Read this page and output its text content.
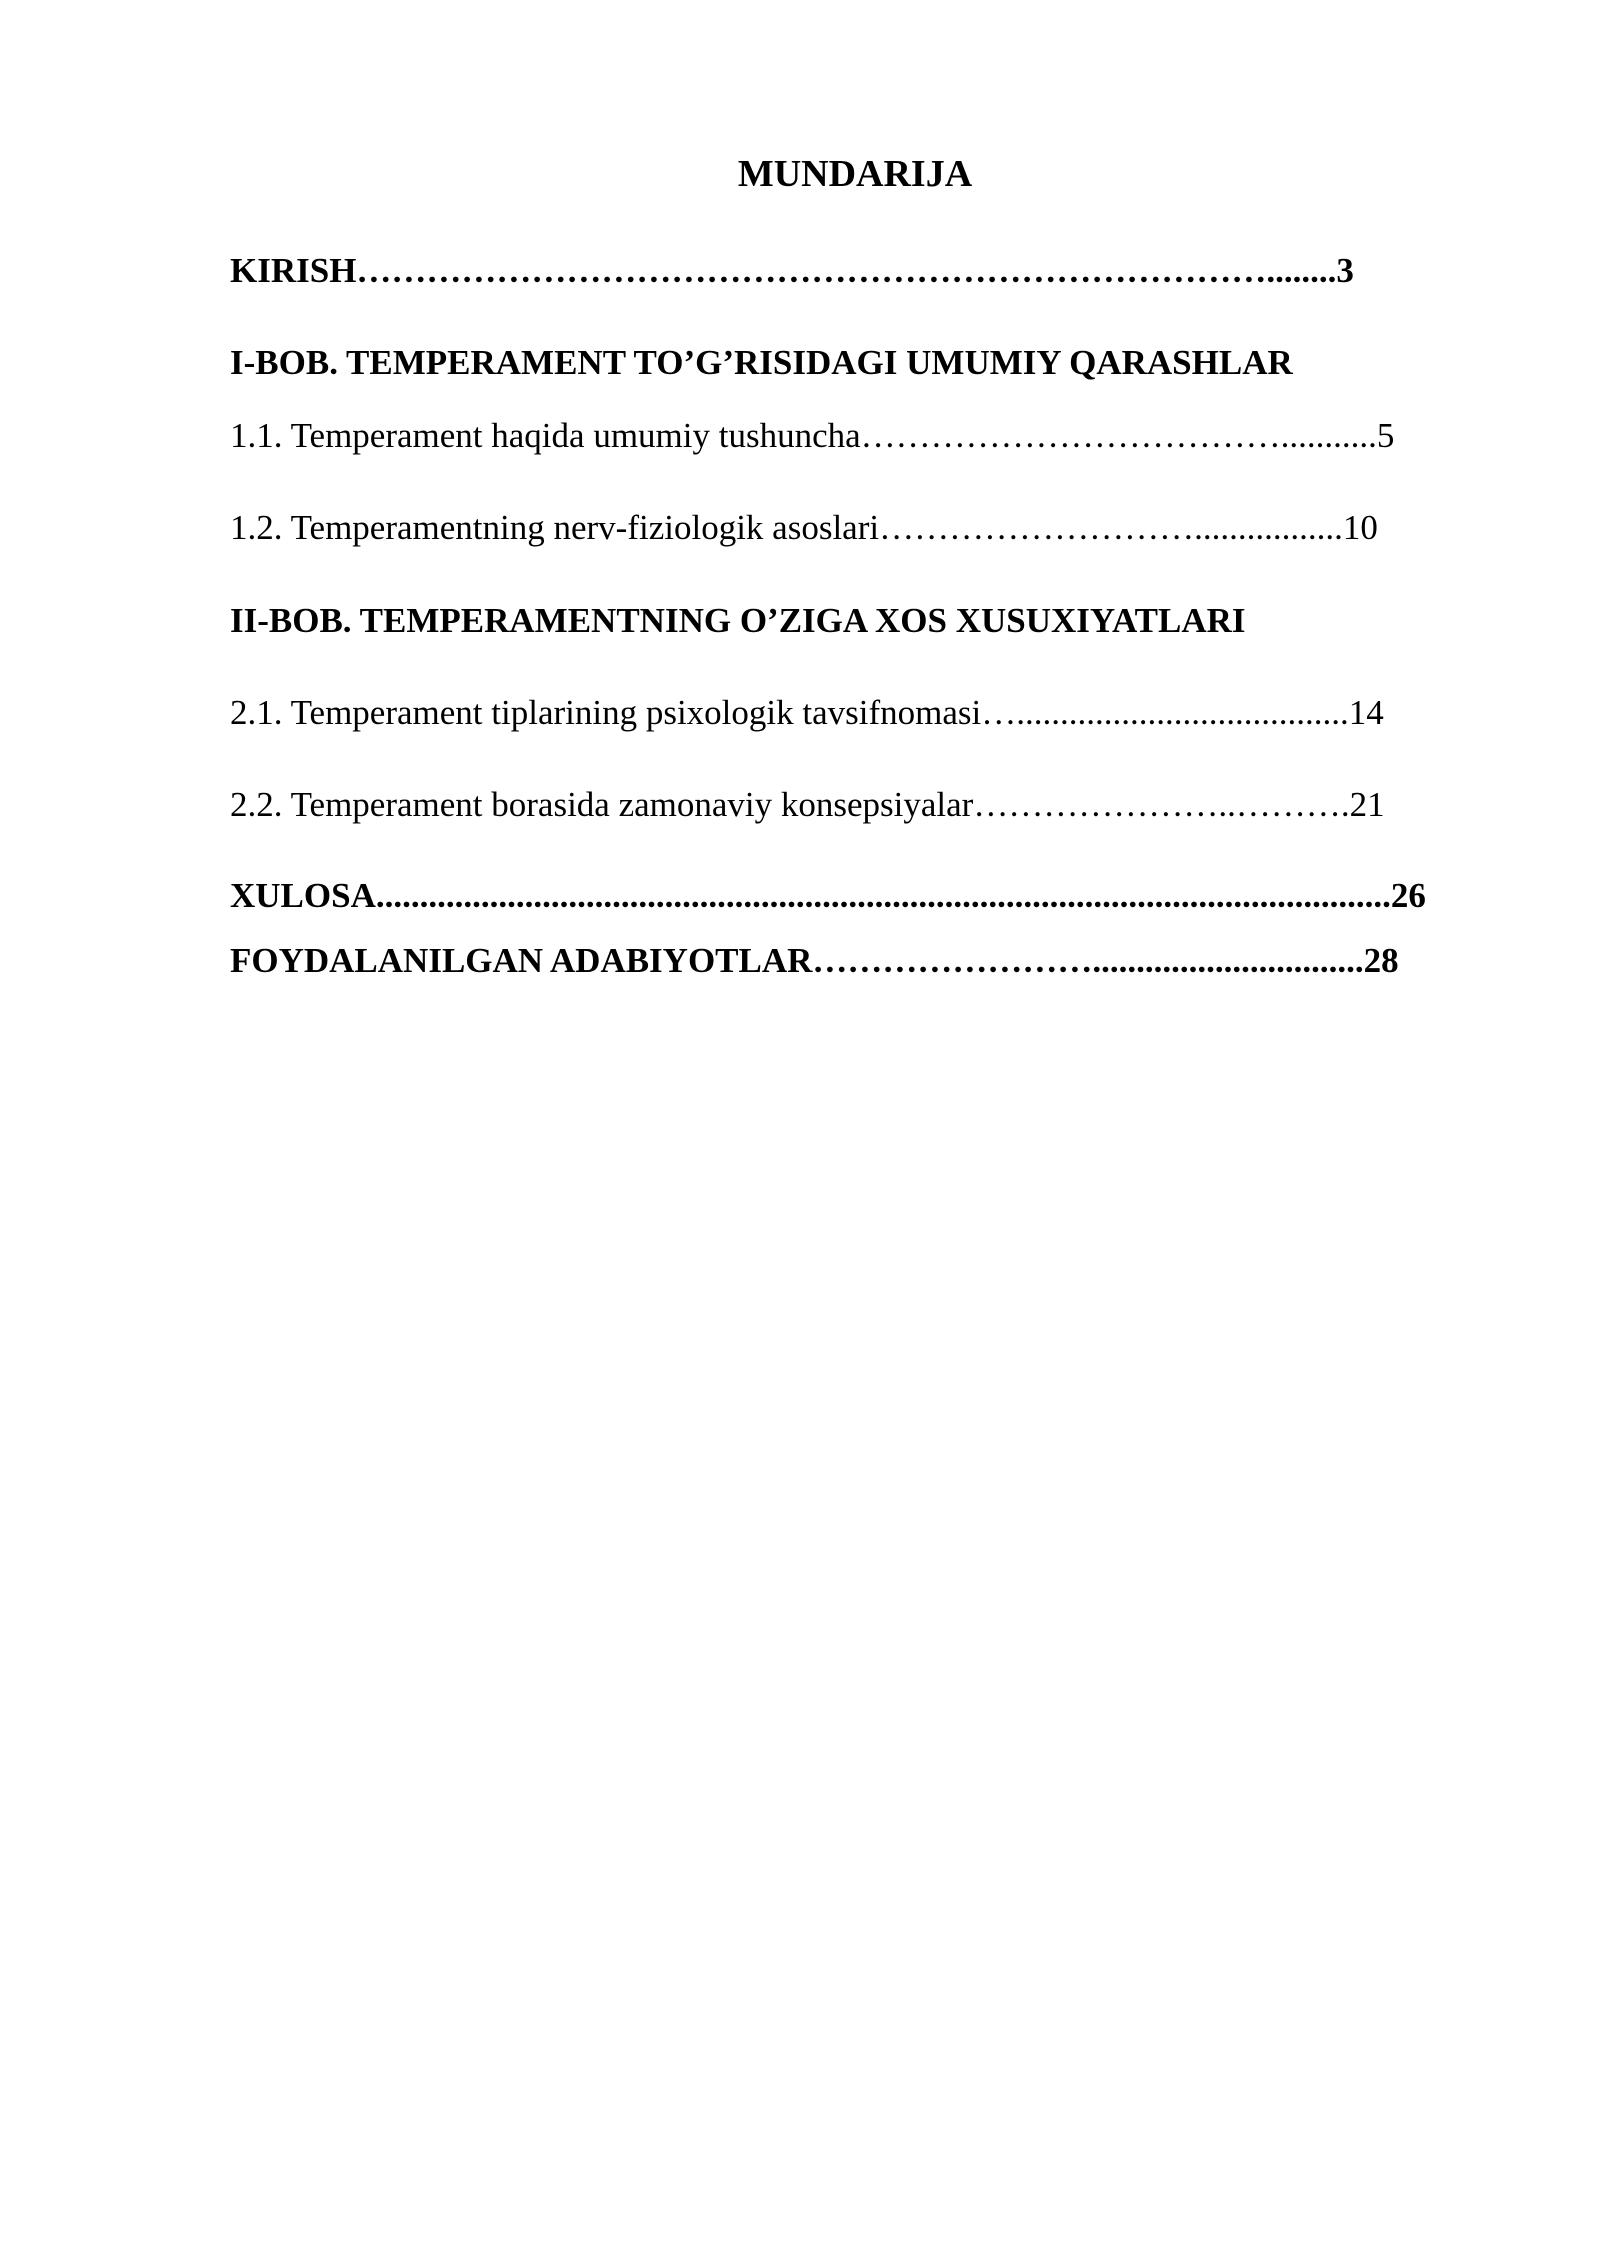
MUNDARIJA

KIRISH……………………………………………………………………........3

I-BOB. TEMPERAMENT TO’G’RISIDAGI UMUMIY QARASHLAR

1.1. Temperament haqida umumiy tushuncha………………………………...........5

1.2. Temperamentning nerv-fiziologik asoslari……………………….................10

II-BOB. TEMPERAMENTNING O’ZIGA XOS XUSUXIYATLARI

2.1. Temperament tiplarining psixologik tavsifnomasi…......................................14

2.2. Temperament borasida zamonaviy konsepsiyalar…………………..……….21

XULOSA....................................................................................................................26

FOYDALANILGAN ADABIYOTLAR……………………...............................28
